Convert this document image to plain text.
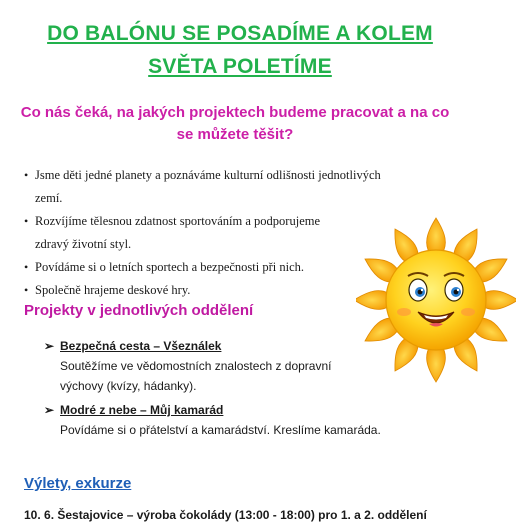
DO BALÓNU SE POSADÍME A KOLEM
SVĚTA POLETÍME
Co nás čeká, na jakých projektech budeme pracovat a na co
se můžete těšit?
• Jsme děti jedné planety a poznáváme kulturní odlišnosti jednotlivých zemí.
• Rozvíjíme tělesnou zdatnost sportováním a podporujeme
zdravý životní styl.
• Povídáme si o letních sportech a bezpečnosti při nich.
• Společně hrajeme deskové hry.
Projekty v jednotlivých oddělení
➢ Bezpečná cesta – Všeználek
Soutěžíme ve vědomostních znalostech z dopravní
výchovy (kvízy, hádanky).
➢ Modré z nebe – Můj kamarád
Povídáme si o přátelství a kamarádství. Kreslíme kamaráda.
Výlety, exkurze
10. 6. Šestajovice – výroba čokolády (13:00 - 18:00) pro 1. a 2. oddělení
